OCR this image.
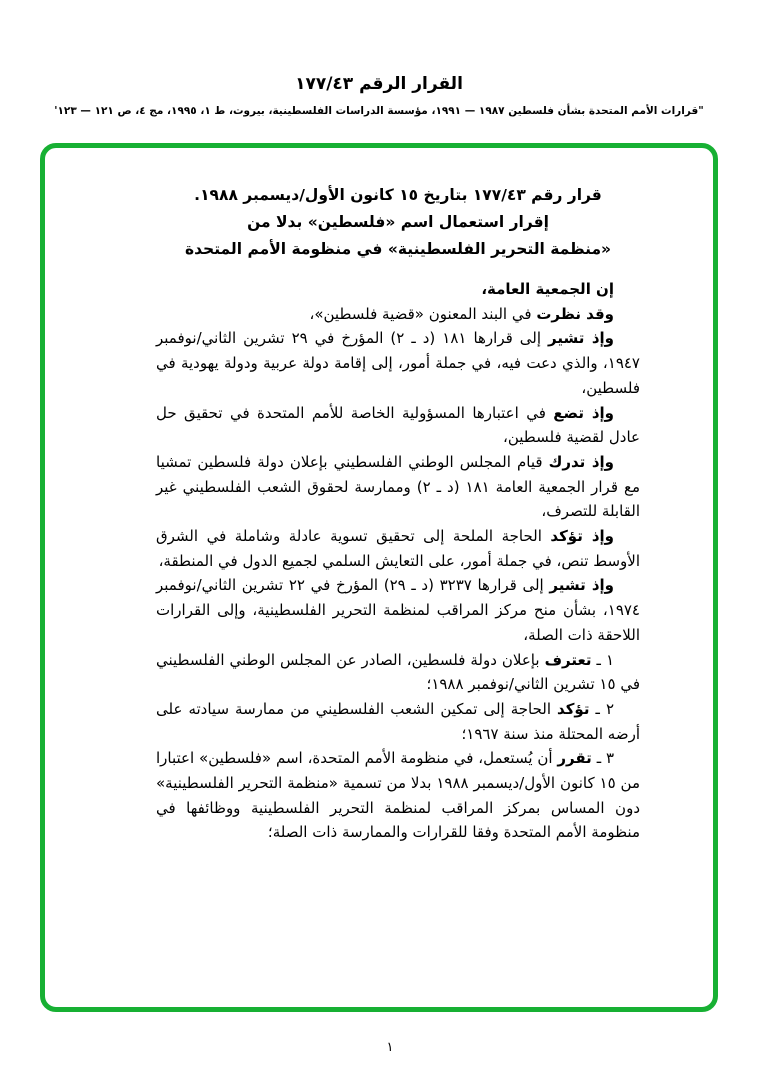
القرار الرقم ١٧٧/٤٣
"قرارات الأمم المتحدة بشأن فلسطين ١٩٨٧ — ١٩٩١، مؤسسة الدراسات الفلسطينية، بيروت، ط ١، ١٩٩٥، مج ٤، ص ١٢١ — ١٢٣'
قرار رقم ١٧٧/٤٣ بتاريخ ١٥ كانون الأول/ديسمبر ١٩٨٨.
إقرار استعمال اسم «فلسطين» بدلا من
«منظمة التحرير الفلسطينية» في منظومة الأمم المتحدة

إن الجمعية العامة،

وقد نظرت في البند المعنون «قضية فلسطين»،

وإذ تشير إلى قرارها ١٨١ (د ـ ٢) المؤرخ في ٢٩ تشرين الثاني/نوفمبر ١٩٤٧، والذي دعت فيه، في جملة أمور، إلى إقامة دولة عربية ودولة يهودية في فلسطين،

وإذ تضع في اعتبارها المسؤولية الخاصة للأمم المتحدة في تحقيق حل عادل لقضية فلسطين،

وإذ تدرك قيام المجلس الوطني الفلسطيني بإعلان دولة فلسطين تمشيا مع قرار الجمعية العامة ١٨١ (د ـ ٢) وممارسة لحقوق الشعب الفلسطيني غير القابلة للتصرف،

وإذ تؤكد الحاجة الملحة إلى تحقيق تسوية عادلة وشاملة في الشرق الأوسط تنص، في جملة أمور، على التعايش السلمي لجميع الدول في المنطقة،

وإذ تشير إلى قرارها ٣٢٣٧ (د ـ ٢٩) المؤرخ في ٢٢ تشرين الثاني/نوفمبر ١٩٧٤، بشأن منح مركز المراقب لمنظمة التحرير الفلسطينية، وإلى القرارات اللاحقة ذات الصلة،

١ ـ تعترف بإعلان دولة فلسطين، الصادر عن المجلس الوطني الفلسطيني في ١٥ تشرين الثاني/نوفمبر ١٩٨٨؛

٢ ـ تؤكد الحاجة إلى تمكين الشعب الفلسطيني من ممارسة سيادته على أرضه المحتلة منذ سنة ١٩٦٧؛

٣ ـ تقرر أن يُستعمل، في منظومة الأمم المتحدة، اسم «فلسطين» اعتبارا من ١٥ كانون الأول/ديسمبر ١٩٨٨ بدلا من تسمية «منظمة التحرير الفلسطينية» دون المساس بمركز المراقب لمنظمة التحرير الفلسطينية ووظائفها في منظومة الأمم المتحدة وفقا للقرارات والممارسة ذات الصلة؛

١
